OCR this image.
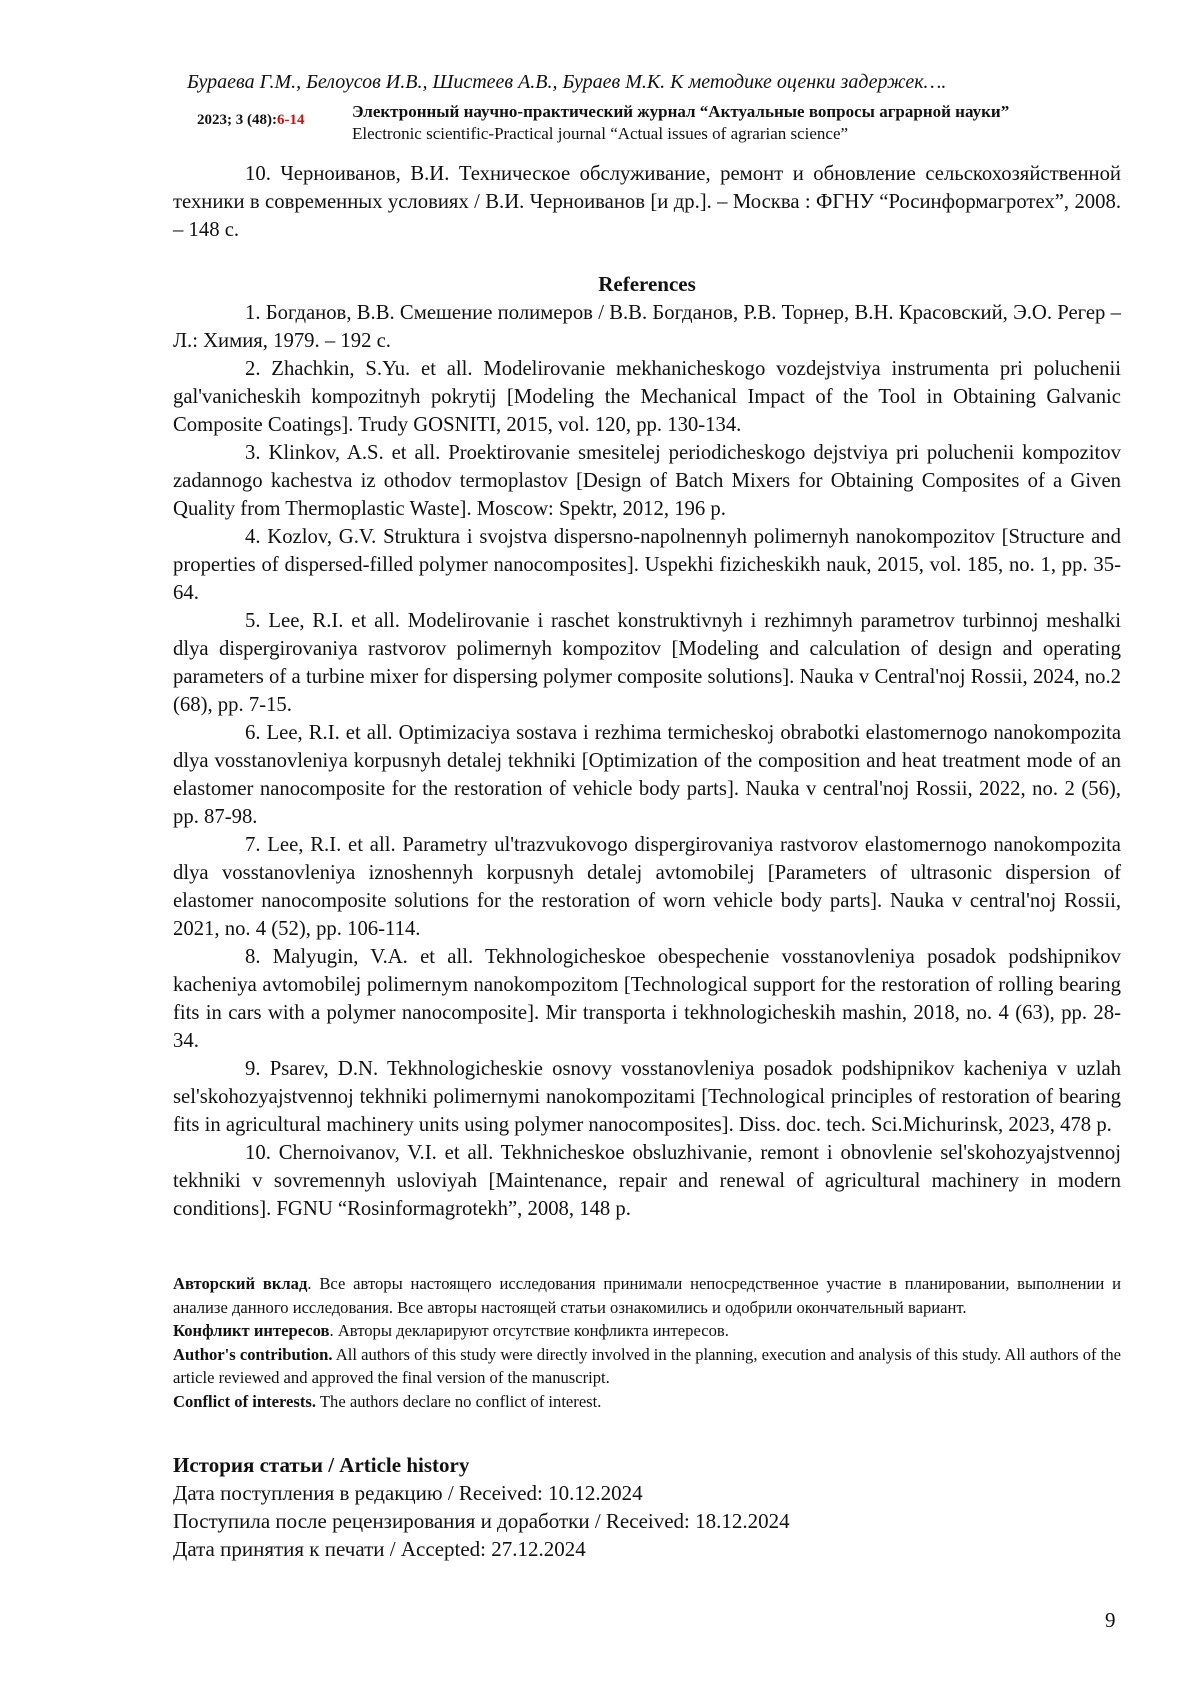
Бураева Г.М., Белоусов И.В., Шистеев А.В., Бураев М.К. К методике оценки задержек….
2023; 3 (48):6-14	Электронный научно-практический журнал “Актуальные вопросы аграрной науки”
Electronic scientific-Practical journal “Actual issues of agrarian science”

10. Черноиванов, В.И. Техническое обслуживание, ремонт и обновление сельскохозяйственной техники в современных условиях / В.И. Черноиванов [и др.]. – Москва : ФГНУ “Росинформагротех”, 2008. – 148 с.

References

1. Богданов, В.В. Смешение полимеров / В.В. Богданов, Р.В. Торнер, В.Н. Красовский, Э.О. Регер – Л.: Химия, 1979. – 192 с.

2. Zhachkin, S.Yu. et all. Modelirovanie mekhanicheskogo vozdejstviya instrumenta pri poluchenii gal'vanicheskih kompozitnyh pokrytij [Modeling the Mechanical Impact of the Tool in Obtaining Galvanic Composite Coatings]. Trudy GOSNITI, 2015, vol. 120, pp. 130-134.

3. Klinkov, A.S. et all. Proektirovanie smesitelej periodicheskogo dejstviya pri poluchenii kompozitov zadannogo kachestva iz othodov termoplastov [Design of Batch Mixers for Obtaining Composites of a Given Quality from Thermoplastic Waste]. Moscow: Spektr, 2012, 196 p.

4. Kozlov, G.V. Struktura i svojstva dispersno-napolnennyh polimernyh nanokompozitov [Structure and properties of dispersed-filled polymer nanocomposites]. Uspekhi fizicheskikh nauk, 2015, vol. 185, no. 1, pp. 35-64.

5. Lee, R.I. et all. Modelirovanie i raschet konstruktivnyh i rezhimnyh parametrov turbinnoj meshalki dlya dispergirovaniya rastvorov polimernyh kompozitov [Modeling and calculation of design and operating parameters of a turbine mixer for dispersing polymer composite solutions]. Nauka v Central'noj Rossii, 2024, no.2 (68), pp. 7-15.

6. Lee, R.I. et all. Optimizaciya sostava i rezhima termicheskoj obrabotki elastomernogo nanokompozita dlya vosstanovleniya korpusnyh detalej tekhniki [Optimization of the composition and heat treatment mode of an elastomer nanocomposite for the restoration of vehicle body parts]. Nauka v central'noj Rossii, 2022, no. 2 (56), pp. 87-98.

7. Lee, R.I. et all. Parametry ul'trazvukovogo dispergirovaniya rastvorov elastomernogo nanokompozita dlya vosstanovleniya iznoshennyh korpusnyh detalej avtomobilej [Parameters of ultrasonic dispersion of elastomer nanocomposite solutions for the restoration of worn vehicle body parts]. Nauka v central'noj Rossii, 2021, no. 4 (52), pp. 106-114.

8. Malyugin, V.A. et all. Tekhnologicheskoe obespechenie vosstanovleniya posadok podshipnikov kacheniya avtomobilej polimernym nanokompozitom [Technological support for the restoration of rolling bearing fits in cars with a polymer nanocomposite]. Mir transporta i tekhnologicheskih mashin, 2018, no. 4 (63), pp. 28-34.

9. Psarev, D.N. Tekhnologicheskie osnovy vosstanovleniya posadok podshipnikov kacheniya v uzlah sel'skohozyajstvennoj tekhniki polimernymi nanokompozitami [Technological principles of restoration of bearing fits in agricultural machinery units using polymer nanocomposites]. Diss. doc. tech. Sci.Michurinsk, 2023, 478 p.

10. Chernoivanov, V.I. et all. Tekhnicheskoe obsluzhivanie, remont i obnovlenie sel'skohozyajstvennoj tekhniki v sovremennyh usloviyah [Maintenance, repair and renewal of agricultural machinery in modern conditions]. FGNU “Rosinformagrotekh”, 2008, 148 p.

Авторский вклад. Все авторы настоящего исследования принимали непосредственное участие в планировании, выполнении и анализе данного исследования. Все авторы настоящей статьи ознакомились и одобрили окончательный вариант.

Конфликт интересов. Авторы декларируют отсутствие конфликта интересов.

Author's contribution. All authors of this study were directly involved in the planning, execution and analysis of this study. All authors of the article reviewed and approved the final version of the manuscript.

Conflict of interests. The authors declare no conflict of interest.

История статьи / Article history
Дата поступления в редакцию / Received: 10.12.2024
Поступила после рецензирования и доработки / Received: 18.12.2024
Дата принятия к печати / Accepted: 27.12.2024
9
